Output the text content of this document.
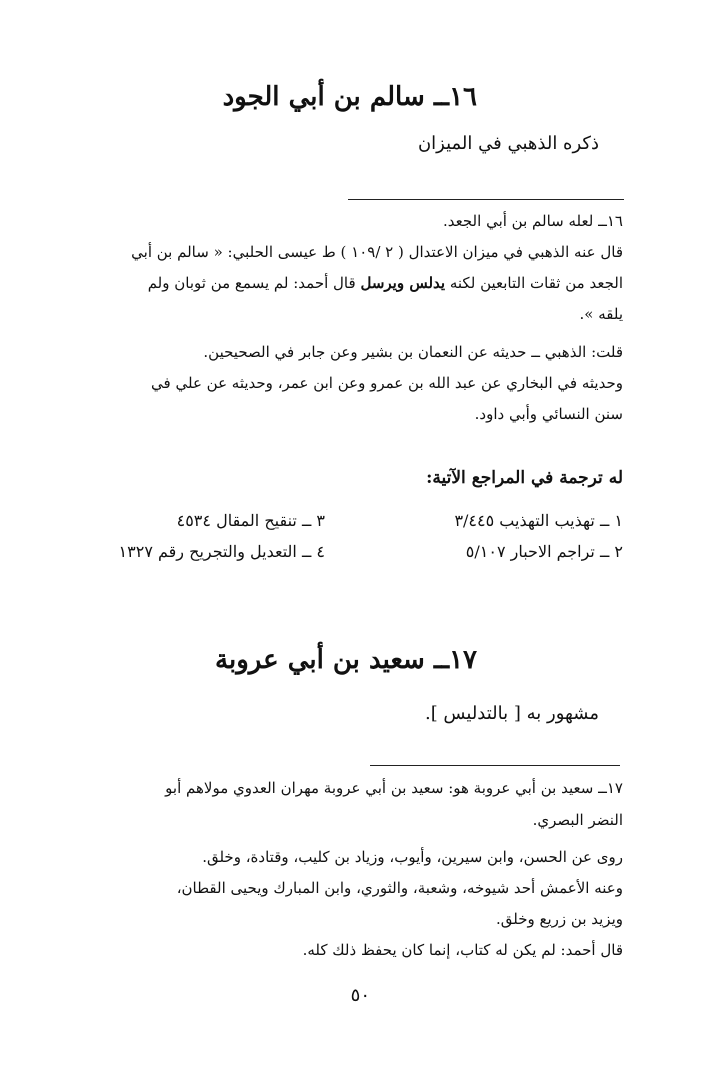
١٦ــ سالم بن أبي الجود
ذكره الذهبي في الميزان
١٦ــ لعله سالم بن أبي الجعد.
قال عنه الذهبي في ميزان الاعتدال ( ٢ /١٠٩ ) ط عيسى الحلبي: « سالم بن أبي
الجعد من ثقات التابعين لكنه يدلس ويرسل قال أحمد: لم يسمع من ثوبان ولم
يلقه ».
قلت: الذهبي ــ حديثه عن النعمان بن بشير وعن جابر في الصحيحين.
وحديثه في البخاري عن عبد الله بن عمرو وعن ابن عمر، وحديثه عن علي في
سنن النسائي وأبي داود.
له ترجمة في المراجع الآتية:
١ ــ تهذيب التهذيب ٣/٤٤٥
٢ ــ تراجم الاحبار ٥/١٠٧
٣ ــ تنقيح المقال ٤٥٣٤
٤ ــ التعديل والتجريح رقم ١٣٢٧
١٧ــ سعيد بن أبي عروبة
مشهور به [ بالتدليس ].
١٧ــ سعيد بن أبي عروبة هو: سعيد بن أبي عروبة مهران العدوي مولاهم أبو
النضر البصري.
روى عن الحسن، وابن سيرين، وأيوب، وزياد بن كليب، وقتادة، وخلق.
وعنه الأعمش أحد شيوخه، وشعبة، والثوري، وابن المبارك ويحيى القطان،
ويزيد بن زريع وخلق.
قال أحمد: لم يكن له كتاب، إنما كان يحفظ ذلك كله.
٥٠
